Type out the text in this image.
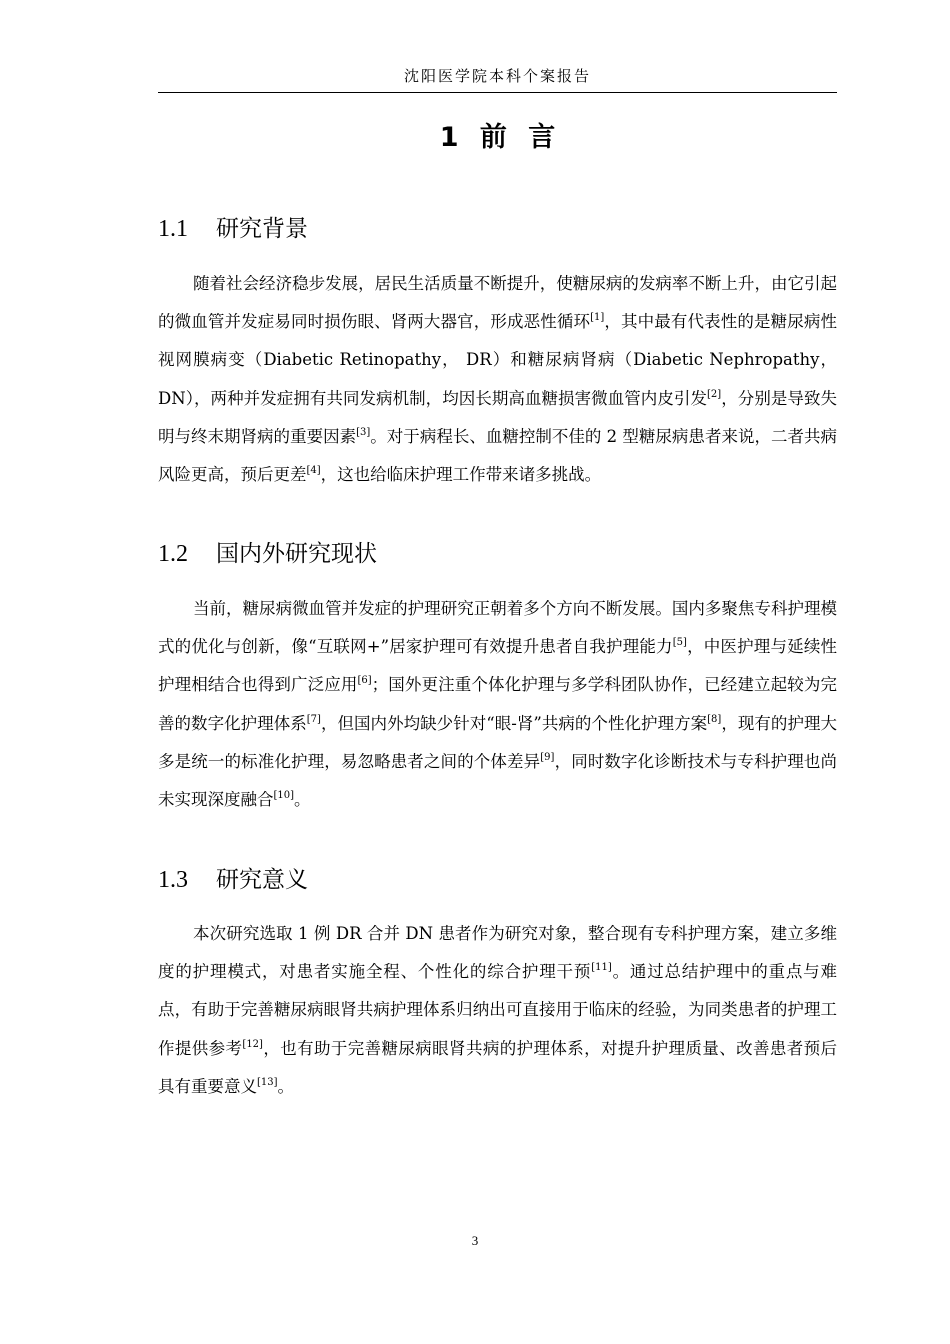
沈阳医学院本科个案报告
1 前 言
1.1 研究背景

随着社会经济稳步发展，居民生活质量不断提升，使糖尿病的发病率不断上升，由它引起的微血管并发症易同时损伤眼、肾两大器官，形成恶性循环[1]，其中最有代表性的是糖尿病性视网膜病变（Diabetic Retinopathy， DR）和糖尿病肾病（Diabetic Nephropathy， DN），两种并发症拥有共同发病机制，均因长期高血糖损害微血管内皮引发[2]，分别是导致失明与终末期肾病的重要因素[3]。对于病程长、血糖控制不佳的 2 型糖尿病患者来说，二者共病风险更高，预后更差[4]，这也给临床护理工作带来诸多挑战。

1.2 国内外研究现状

当前，糖尿病微血管并发症的护理研究正朝着多个方向不断发展。国内多聚焦专科护理模式的优化与创新，像“互联网+”居家护理可有效提升患者自我护理能力[5]，中医护理与延续性护理相结合也得到广泛应用[6]；国外更注重个体化护理与多学科团队协作，已经建立起较为完善的数字化护理体系[7]，但国内外均缺少针对“眼-肾”共病的个性化护理方案[8]，现有的护理大多是统一的标准化护理，易忽略患者之间的个体差异[9]，同时数字化诊断技术与专科护理也尚未实现深度融合[10]。

1.3 研究意义

本次研究选取 1 例 DR 合并 DN 患者作为研究对象，整合现有专科护理方案，建立多维度的护理模式，对患者实施全程、个性化的综合护理干预[11]。通过总结护理中的重点与难点，有助于完善糖尿病眼肾共病护理体系归纳出可直接用于临床的经验，为同类患者的护理工作提供参考[12]，也有助于完善糖尿病眼肾共病的护理体系，对提升护理质量、改善患者预后具有重要意义[13]。

3
